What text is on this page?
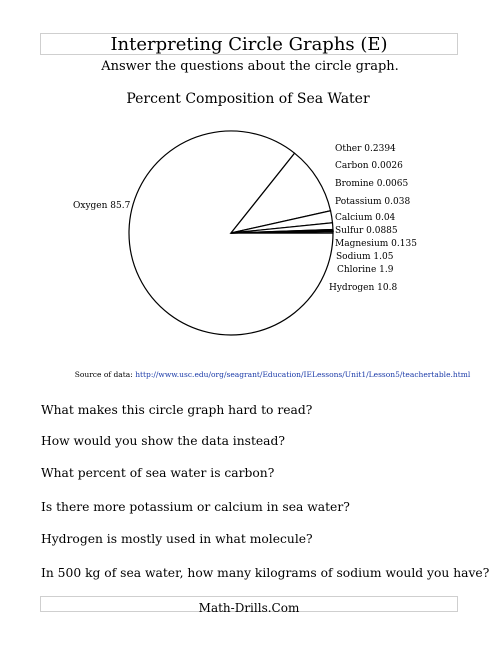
Interpreting Circle Graphs (E)
Answer the questions about the circle graph.
Percent Composition of Sea Water
Oxygen 85.7
Hydrogen 10.8
Chlorine 1.9
Sodium 1.05
Magnesium 0.135
Sulfur 0.0885
Calcium 0.04
Potassium 0.038
Bromine 0.0065
Carbon 0.0026
Other 0.2394
Source of data: http://www.usc.edu/org/seagrant/Education/IELessons/Unit1/Lesson5/teachertable.html
What makes this circle graph hard to read?
How would you show the data instead?
What percent of sea water is carbon?
Is there more potassium or calcium in sea water?
Hydrogen is mostly used in what molecule?
In 500 kg of sea water, how many kilograms of sodium would you have?
Math-Drills.Com
